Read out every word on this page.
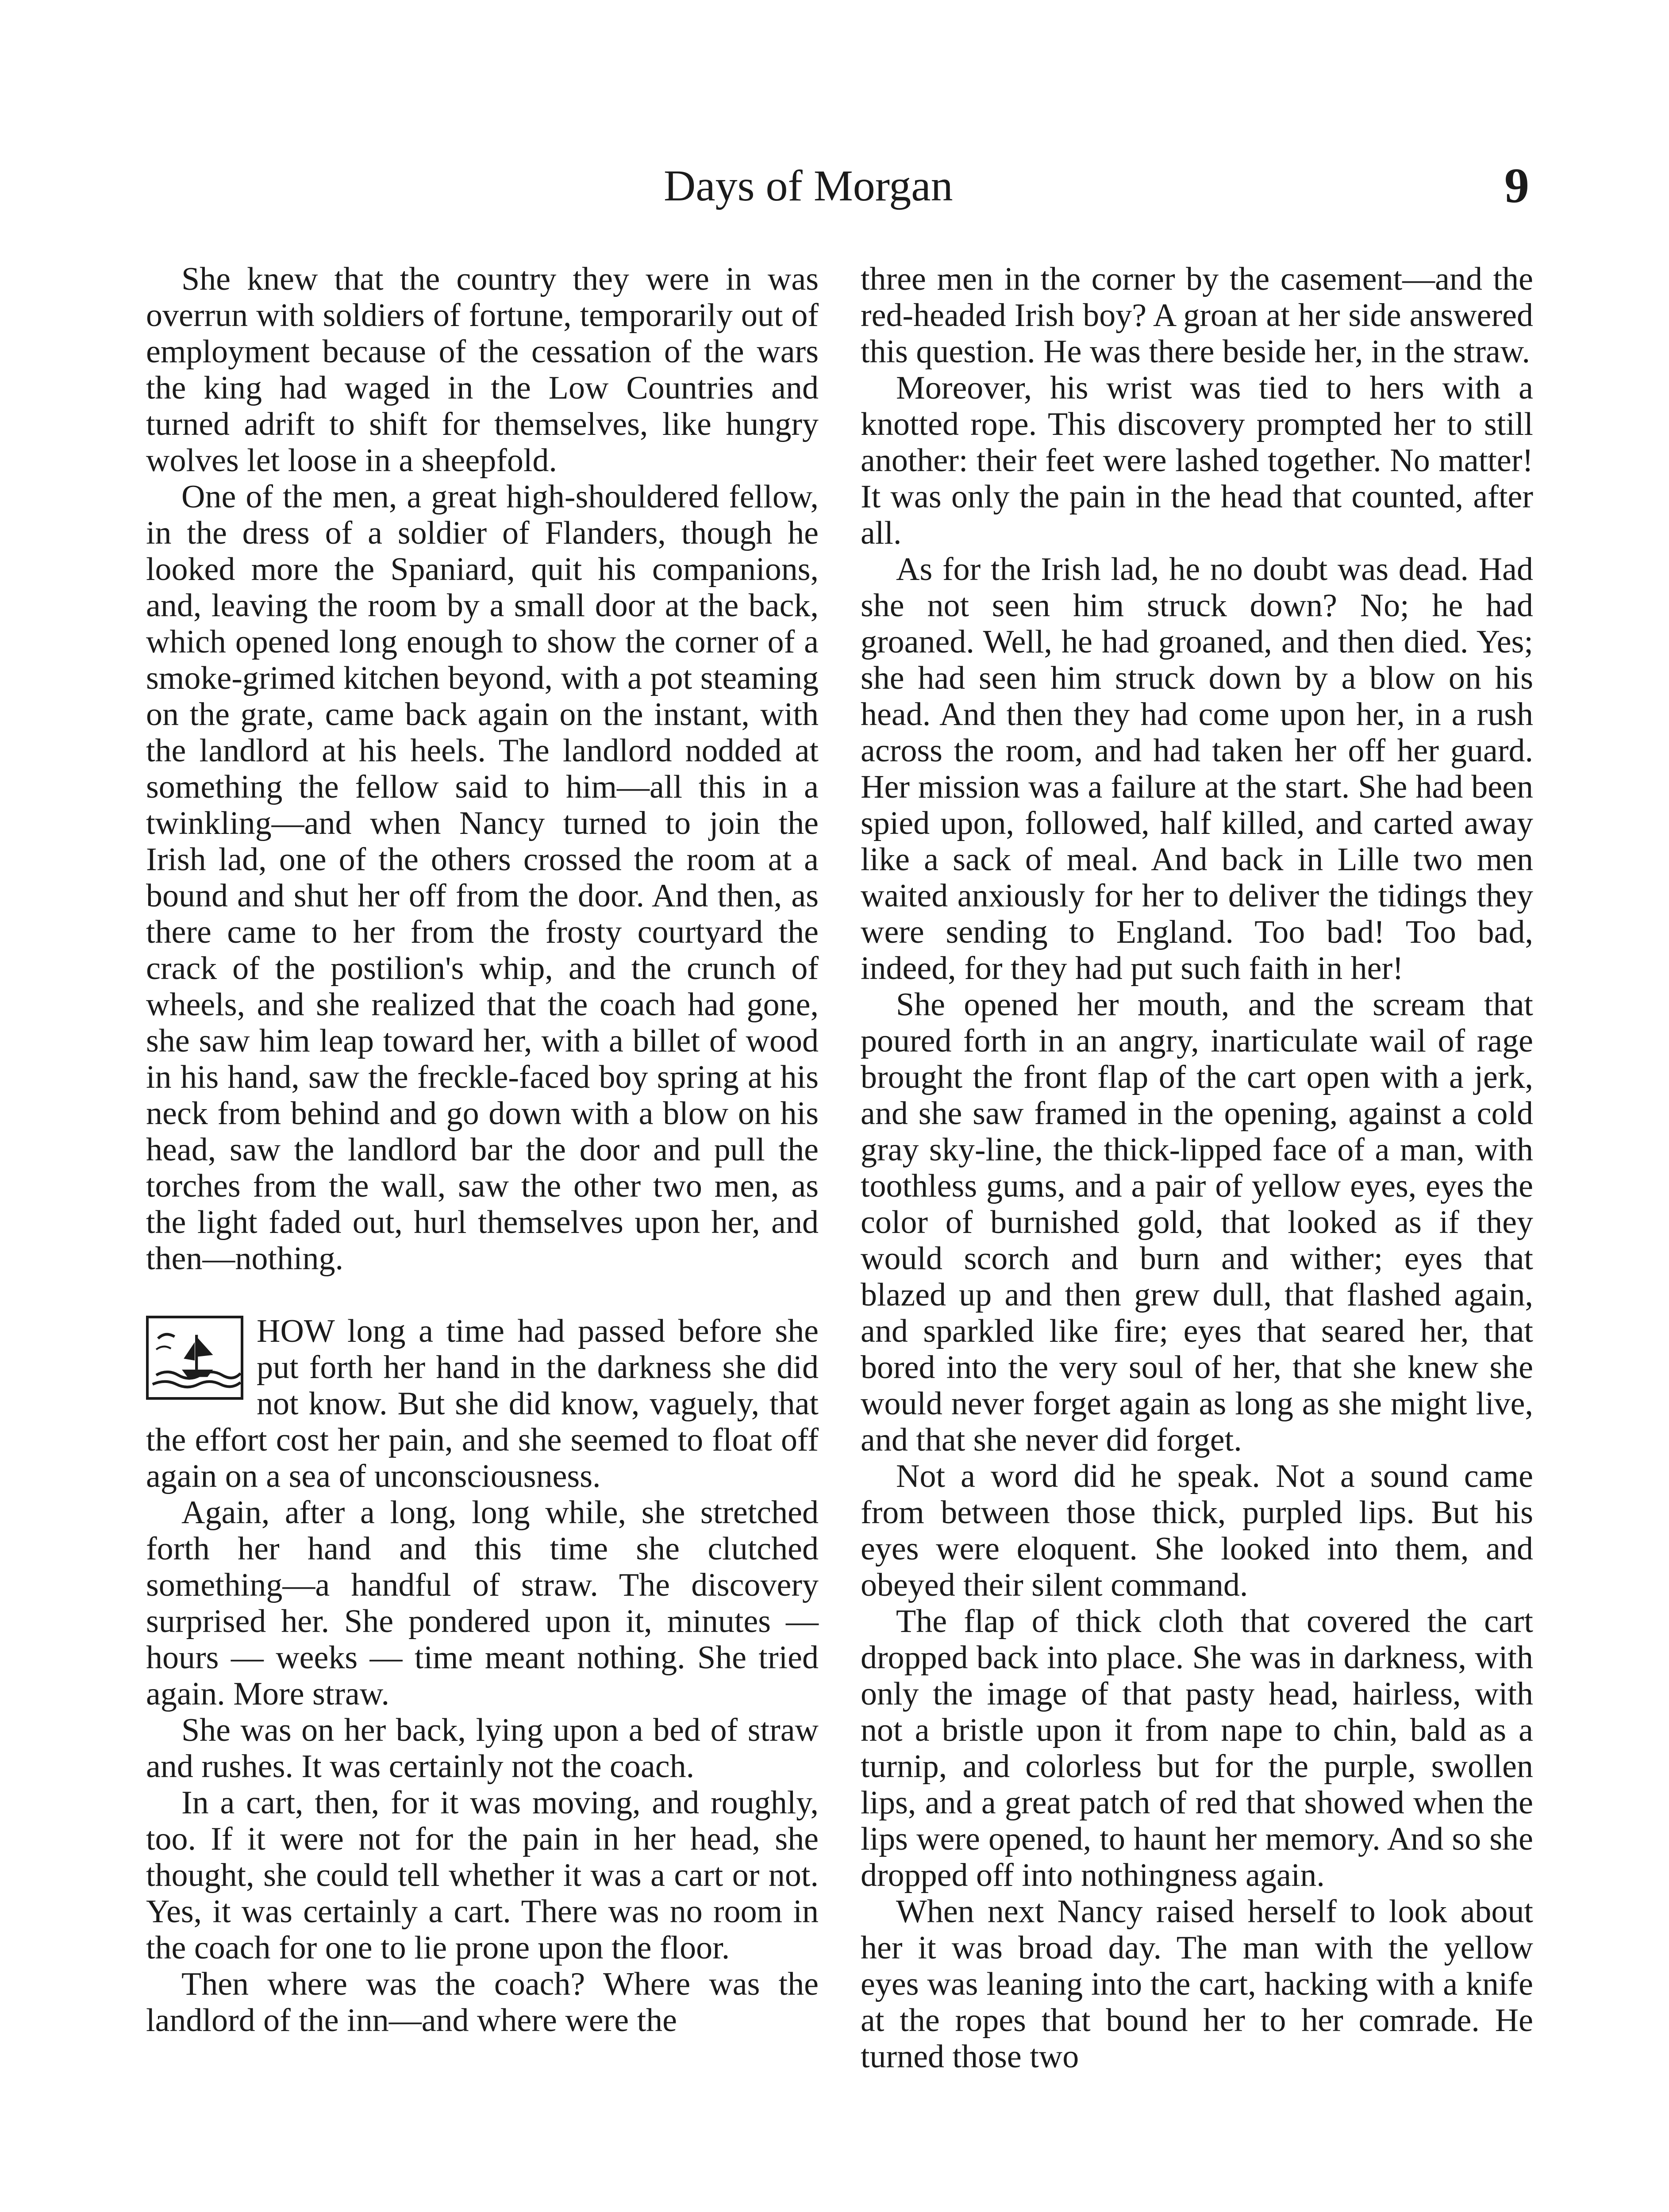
Days of Morgan	9

She knew that the country they were in was overrun with soldiers of fortune, temporarily out of employment because of the cessation of the wars the king had waged in the Low Countries and turned adrift to shift for themselves, like hungry wolves let loose in a sheepfold.

One of the men, a great high-shouldered fellow, in the dress of a soldier of Flanders, though he looked more the Spaniard, quit his companions, and, leaving the room by a small door at the back, which opened long enough to show the corner of a smoke-grimed kitchen beyond, with a pot steaming on the grate, came back again on the instant, with the landlord at his heels. The landlord nodded at something the fellow said to him—all this in a twinkling—and when Nancy turned to join the Irish lad, one of the others crossed the room at a bound and shut her off from the door. And then, as there came to her from the frosty courtyard the crack of the postilion's whip, and the crunch of wheels, and she realized that the coach had gone, she saw him leap toward her, with a billet of wood in his hand, saw the freckle-faced boy spring at his neck from behind and go down with a blow on his head, saw the landlord bar the door and pull the torches from the wall, saw the other two men, as the light faded out, hurl themselves upon her, and then—nothing.

HOW long a time had passed before she put forth her hand in the darkness she did not know. But she did know, vaguely, that the effort cost her pain, and she seemed to float off again on a sea of unconsciousness.

Again, after a long, long while, she stretched forth her hand and this time she clutched something—a handful of straw. The discovery surprised her. She pondered upon it, minutes — hours — weeks — time meant nothing. She tried again. More straw.

She was on her back, lying upon a bed of straw and rushes. It was certainly not the coach.

In a cart, then, for it was moving, and roughly, too. If it were not for the pain in her head, she thought, she could tell whether it was a cart or not. Yes, it was certainly a cart. There was no room in the coach for one to lie prone upon the floor.

Then where was the coach? Where was the landlord of the inn—and where were the

three men in the corner by the casement—and the red-headed Irish boy? A groan at her side answered this question. He was there beside her, in the straw.

Moreover, his wrist was tied to hers with a knotted rope. This discovery prompted her to still another: their feet were lashed together. No matter! It was only the pain in the head that counted, after all.

As for the Irish lad, he no doubt was dead. Had she not seen him struck down? No; he had groaned. Well, he had groaned, and then died. Yes; she had seen him struck down by a blow on his head. And then they had come upon her, in a rush across the room, and had taken her off her guard. Her mission was a failure at the start. She had been spied upon, followed, half killed, and carted away like a sack of meal. And back in Lille two men waited anxiously for her to deliver the tidings they were sending to England. Too bad! Too bad, indeed, for they had put such faith in her!

She opened her mouth, and the scream that poured forth in an angry, inarticulate wail of rage brought the front flap of the cart open with a jerk, and she saw framed in the opening, against a cold gray sky-line, the thick-lipped face of a man, with toothless gums, and a pair of yellow eyes, eyes the color of burnished gold, that looked as if they would scorch and burn and wither; eyes that blazed up and then grew dull, that flashed again, and sparkled like fire; eyes that seared her, that bored into the very soul of her, that she knew she would never forget again as long as she might live, and that she never did forget.

Not a word did he speak. Not a sound came from between those thick, purpled lips. But his eyes were eloquent. She looked into them, and obeyed their silent command.

The flap of thick cloth that covered the cart dropped back into place. She was in darkness, with only the image of that pasty head, hairless, with not a bristle upon it from nape to chin, bald as a turnip, and colorless but for the purple, swollen lips, and a great patch of red that showed when the lips were opened, to haunt her memory. And so she dropped off into nothingness again.

When next Nancy raised herself to look about her it was broad day. The man with the yellow eyes was leaning into the cart, hacking with a knife at the ropes that bound her to her comrade. He turned those two
